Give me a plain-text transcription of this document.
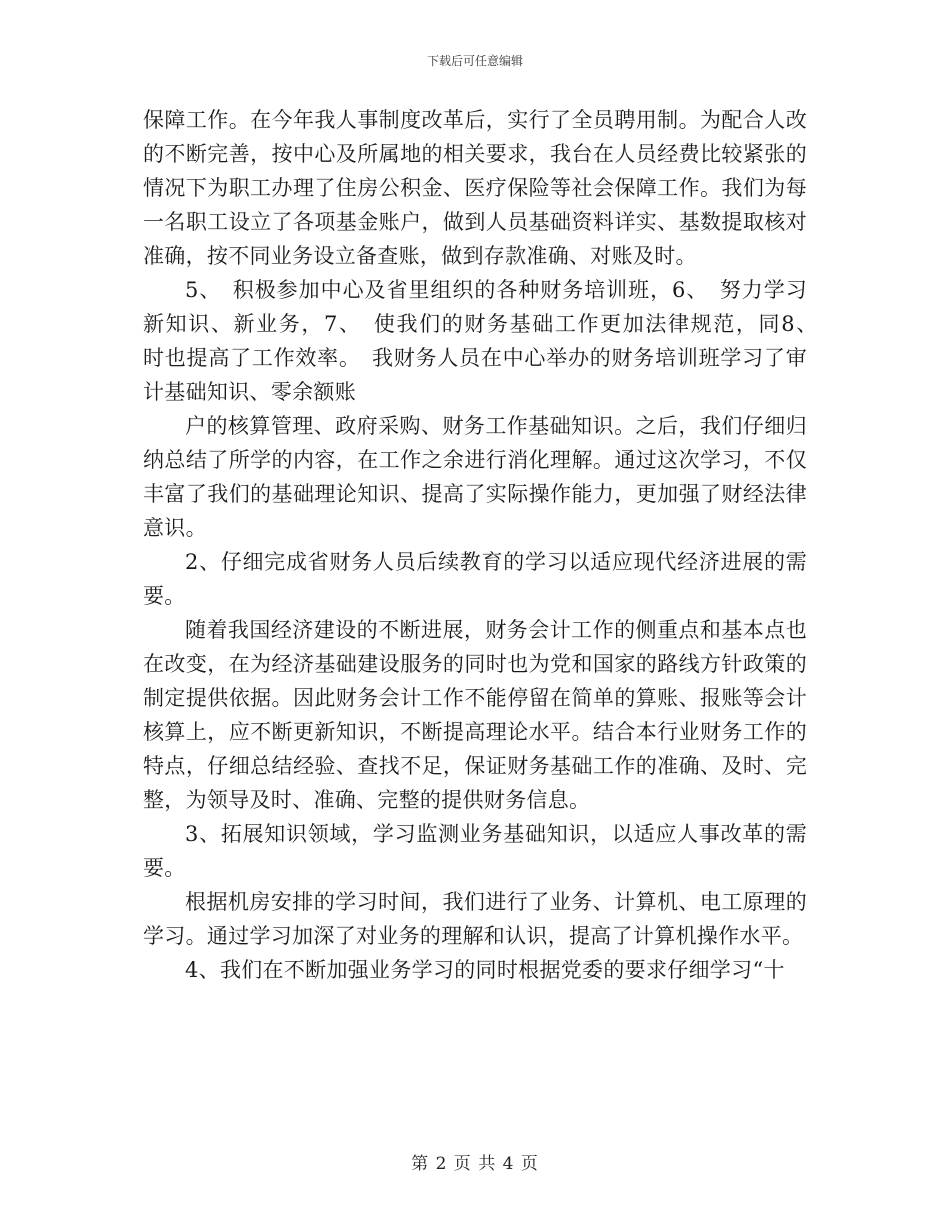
下载后可任意编辑

保障工作。在今年我人事制度改革后，实行了全员聘用制。为配合人改的不断完善，按中心及所属地的相关要求，我台在人员经费比较紧张的情况下为职工办理了住房公积金、医疗保险等社会保障工作。我们为每一名职工设立了各项基金账户，做到人员基础资料详实、基数提取核对准确，按不同业务设立备查账，做到存款准确、对账及时。

5、　积极参加中心及省里组织的各种财务培训班，6、　努力学习新知识、新业务，7、　使我们的财务基础工作更加法律规范，同8、　时也提高了工作效率。　我财务人员在中心举办的财务培训班学习了审计基础知识、零余额账

户的核算管理、政府采购、财务工作基础知识。之后，我们仔细归纳总结了所学的内容，在工作之余进行消化理解。通过这次学习，不仅丰富了我们的基础理论知识、提高了实际操作能力，更加强了财经法律意识。

2、仔细完成省财务人员后续教育的学习以适应现代经济进展的需要。

随着我国经济建设的不断进展，财务会计工作的侧重点和基本点也在改变，在为经济基础建设服务的同时也为党和国家的路线方针政策的制定提供依据。因此财务会计工作不能停留在简单的算账、报账等会计核算上，应不断更新知识，不断提高理论水平。结合本行业财务工作的特点，仔细总结经验、查找不足，保证财务基础工作的准确、及时、完整，为领导及时、准确、完整的提供财务信息。

3、拓展知识领域，学习监测业务基础知识，以适应人事改革的需要。

根据机房安排的学习时间，我们进行了业务、计算机、电工原理的学习。通过学习加深了对业务的理解和认识，提高了计算机操作水平。

4、我们在不断加强业务学习的同时根据党委的要求仔细学习“十

第 2 页 共 4 页
